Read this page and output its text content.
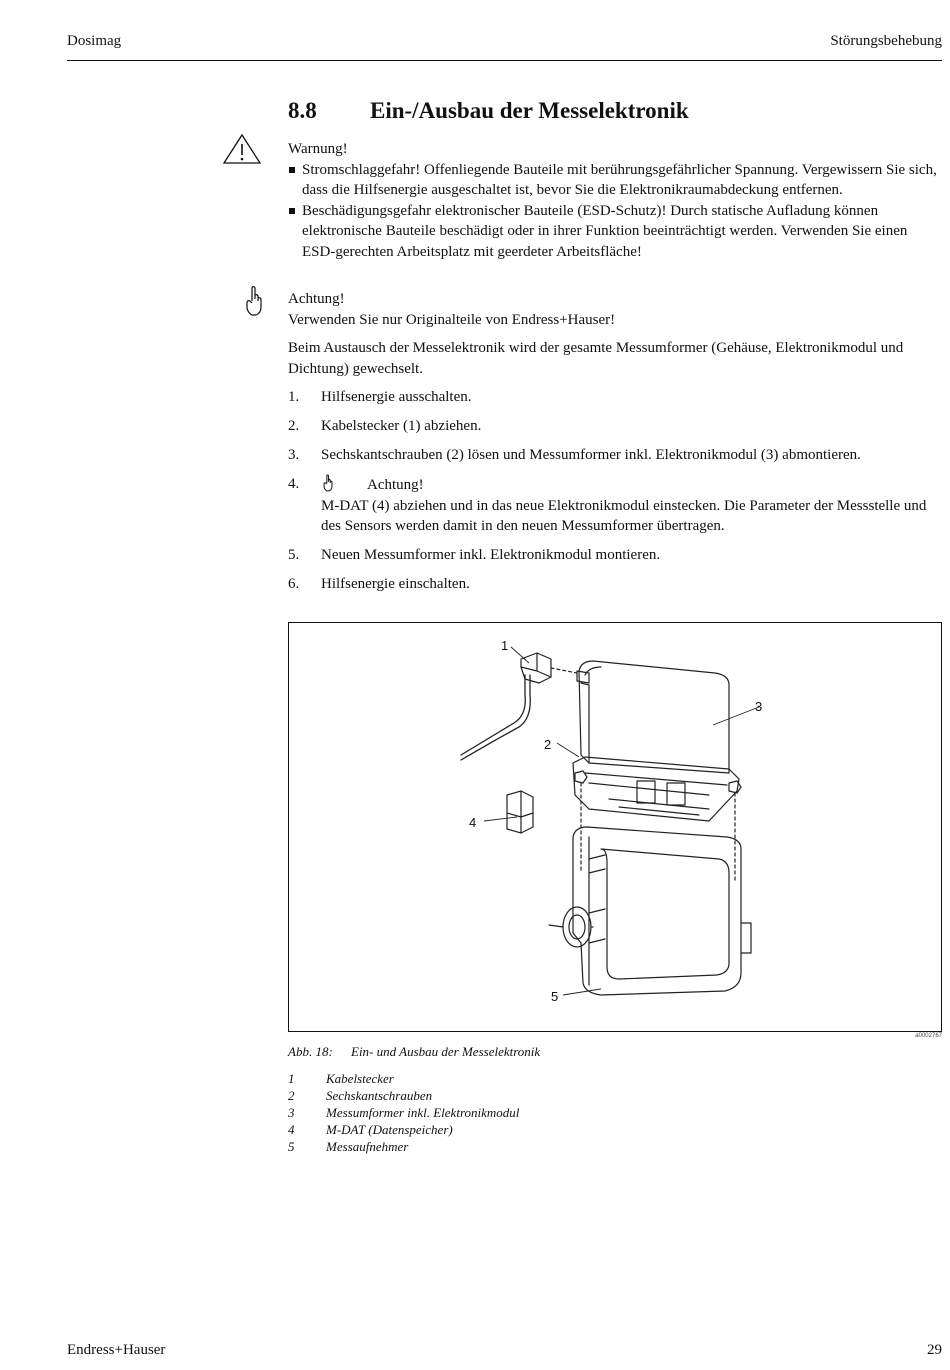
Dosimag	Störungsbehebung
8.8 Ein-/Ausbau der Messelektronik

Warnung!

Stromschlaggefahr! Offenliegende Bauteile mit berührungsgefährlicher Spannung. Vergewissern Sie sich, dass die Hilfsenergie ausgeschaltet ist, bevor Sie die Elektronikraumabdeckung entfernen.
Beschädigungsgefahr elektronischer Bauteile (ESD-Schutz)! Durch statische Aufladung können elektronische Bauteile beschädigt oder in ihrer Funktion beeinträchtigt werden. Verwenden Sie einen ESD-gerechten Arbeitsplatz mit geerdeter Arbeitsfläche!

Achtung!

Verwenden Sie nur Originalteile von Endress+Hauser!

Beim Austausch der Messelektronik wird der gesamte Messumformer (Gehäuse, Elektronikmodul und Dichtung) gewechselt.

1. Hilfsenergie ausschalten.
2. Kabelstecker (1) abziehen.
3. Sechskantschrauben (2) lösen und Messumformer inkl. Elektronikmodul (3) abmontieren.
4.	Achtung!
M-DAT (4) abziehen und in das neue Elektronikmodul einstecken. Die Parameter der Messstelle und des Sensors werden damit in den neuen Messumformer übertragen.
5. Neuen Messumformer inkl. Elektronikmodul montieren.
6. Hilfsenergie einschalten.
1
2
3
4
5
a0002767
Abb. 18: Ein- und Ausbau der Messelektronik
1	Kabelstecker
2	Sechskantschrauben
3	Messumformer inkl. Elektronikmodul
4	M-DAT (Datenspeicher)
5	Messaufnehmer
Endress+Hauser	29
